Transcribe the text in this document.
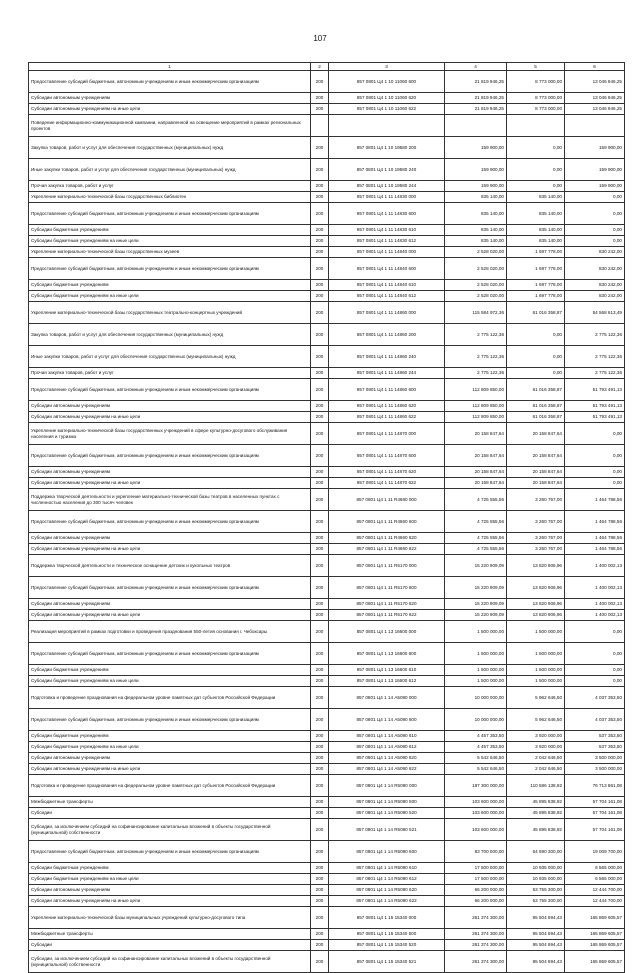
107
1	2	3	4	5	6
Предоставление субсидий бюджетным, автономным учреждениям и иным некоммерческим организациям	200	857 0801 Ц4 1 10 11060 600	21 819 946,25	8 773 000,00	13 046 946,25
Субсидии автономным учреждениям	200	857 0801 Ц4 1 10 11060 620	21 819 946,25	8 773 000,00	13 046 946,25
Субсидии автономным учреждениям на иные цели	200	857 0801 Ц4 1 10 11060 622	21 819 946,25	8 773 000,00	13 046 946,25
Поведение информационно-коммуникационной кампании, направленной на освещение мероприятий в рамках региональных проектов					
Закупка товаров, работ и услуг для обеспечения государственных (муниципальных) нужд	200	857 0801 Ц4 1 10 19580 200	159 900,00	0,00	159 900,00
Иные закупки товаров, работ и услуг для обеспечения государственных (муниципальных) нужд	200	857 0801 Ц4 1 10 19580 240	159 900,00	0,00	159 900,00
Прочая закупка товаров, работ и услуг	200	857 0801 Ц4 1 10 19580 244	159 900,00	0,00	159 900,00
Укрепление материально-технической базы государственных библиотек	200	857 0801 Ц4 1 11 14830 000	835 140,00	835 140,00	0,00
Предоставление субсидий бюджетным, автономным учреждениям и иным некоммерческим организациям	200	857 0801 Ц4 1 11 14830 600	835 140,00	835 140,00	0,00
Субсидии бюджетным учреждениям	200	857 0801 Ц4 1 11 14830 610	835 140,00	835 140,00	0,00
Субсидии бюджетным учреждениям на иные цели	200	857 0801 Ц4 1 11 14830 612	835 140,00	835 140,00	0,00
Укрепление материально-технической базы государственных музеев	200	857 0801 Ц4 1 11 14840 000	2 528 020,00	1 697 778,00	830 242,00
Предоставление субсидий бюджетным, автономным учреждениям и иным некоммерческим организациям	200	857 0801 Ц4 1 11 14840 600	2 528 020,00	1 697 778,00	830 242,00
Субсидии бюджетным учреждениям	200	857 0801 Ц4 1 11 14840 610	2 528 020,00	1 697 778,00	830 242,00
Субсидии бюджетным учреждениям на иные цели	200	857 0801 Ц4 1 11 14840 612	2 528 020,00	1 697 778,00	830 242,00
Укрепление материально-технической базы государственных театрально-концертных учреждений	200	857 0801 Ц4 1 11 14860 000	115 584 972,36	61 016 358,87	54 568 613,49
Закупка товаров, работ и услуг для обеспечения государственных (муниципальных) нужд	200	857 0801 Ц4 1 11 14860 200	2 775 122,36	0,00	2 775 122,36
Иные закупки товаров, работ и услуг для обеспечения государственных (муниципальных) нужд	200	857 0801 Ц4 1 11 14860 240	2 775 122,36	0,00	2 775 122,36
Прочая закупка товаров, работ и услуг	200	857 0801 Ц4 1 11 14860 244	2 775 122,36	0,00	2 775 122,36
Предоставление субсидий бюджетным, автономным учреждениям и иным некоммерческим организациям	200	857 0801 Ц4 1 11 14860 600	112 809 850,00	61 016 358,87	51 793 491,13
Субсидии автономным учреждениям	200	857 0801 Ц4 1 11 14860 620	112 809 850,00	61 016 358,87	51 793 491,13
Субсидии автономным учреждениям на иные цели	200	857 0801 Ц4 1 11 14860 622	112 809 850,00	61 016 358,87	51 793 491,13
Укрепление материально-технической базы государственных учреждений в сфере культурно-досугового обслуживания населения и туризма	200	857 0801 Ц4 1 11 14870 000	20 158 847,64	20 158 847,64	0,00
Предоставление субсидий бюджетным, автономным учреждениям и иным некоммерческим организациям	200	857 0801 Ц4 1 11 14870 600	20 158 847,64	20 158 847,64	0,00
Субсидии автономным учреждениям	200	857 0801 Ц4 1 11 14870 620	20 158 847,64	20 158 847,64	0,00
Субсидии автономным учреждениям на иные цели	200	857 0801 Ц4 1 11 14870 622	20 158 847,64	20 158 847,64	0,00
Поддержка творческой деятельности и укрепление материально-технической базы театров в населенных пунктах с численностью населения до 300 тысяч человек	200	857 0801 Ц4 1 11 R4660 000	4 725 555,56	3 260 767,00	1 464 788,56
Предоставление субсидий бюджетным, автономным учреждениям и иным некоммерческим организациям	200	857 0801 Ц4 1 11 R4660 600	4 725 555,56	3 260 767,00	1 464 788,56
Субсидии автономным учреждениям	200	857 0801 Ц4 1 11 R4660 620	4 725 555,56	3 260 767,00	1 464 788,56
Субсидии автономным учреждениям на иные цели	200	857 0801 Ц4 1 11 R4660 622	4 725 555,56	3 260 767,00	1 464 788,56
Поддержка творческой деятельности и техническое оснащение детских и кукольных театров	200	857 0801 Ц4 1 11 R5170 000	15 220 909,09	13 820 906,96	1 400 002,13
Предоставление субсидий бюджетным, автономным учреждениям и иным некоммерческим организациям	200	857 0801 Ц4 1 11 R5170 600	15 220 909,09	13 820 906,96	1 400 002,13
Субсидии автономным учреждениям	200	857 0801 Ц4 1 11 R5170 620	15 220 909,09	13 820 906,96	1 400 002,13
Субсидии автономным учреждениям на иные цели	200	857 0801 Ц4 1 11 R5170 622	15 220 909,09	13 820 906,96	1 400 002,13
Реализация мероприятий в рамках подготовки и проведения празднования 550-летия основания г. Чебоксары	200	857 0801 Ц4 1 13 16600 000	1 500 000,00	1 500 000,00	0,00
Предоставление субсидий бюджетным, автономным учреждениям и иным некоммерческим организациям	200	857 0801 Ц4 1 13 16600 600	1 500 000,00	1 500 000,00	0,00
Субсидии бюджетным учреждениям	200	857 0801 Ц4 1 13 16600 610	1 500 000,00	1 500 000,00	0,00
Субсидии бюджетным учреждениям на иные цели	200	857 0801 Ц4 1 13 16600 612	1 500 000,00	1 500 000,00	0,00
Подготовка и проведение празднования на федеральном уровне памятных дат субъектов Российской Федерации	200	857 0801 Ц4 1 14 A5090 000	10 000 000,00	5 962 646,50	4 037 353,50
Предоставление субсидий бюджетным, автономным учреждениям и иным некоммерческим организациям	200	857 0801 Ц4 1 14 A5090 600	10 000 000,00	5 962 646,50	4 037 353,50
Субсидии бюджетным учреждениям	200	857 0801 Ц4 1 14 A5090 610	4 457 353,50	3 920 000,00	537 353,50
Субсидии бюджетным учреждениям на иные цели	200	857 0801 Ц4 1 14 A5090 612	4 457 353,50	3 920 000,00	537 353,50
Субсидии автономным учреждениям	200	857 0801 Ц4 1 14 A5090 620	5 542 646,50	2 042 646,50	3 500 000,00
Субсидии автономным учреждениям на иные цели	200	857 0801 Ц4 1 14 A5090 622	5 542 646,50	2 042 646,50	3 500 000,00
Подготовка и проведение празднования на федеральном уровне памятных дат субъектов Российской Федерации	200	857 0801 Ц4 1 14 R5090 000	187 300 000,00	110 586 138,92	76 713 861,08
Межбюджетные трансферты	200	857 0801 Ц4 1 14 R5090 500	103 600 000,00	45 895 838,92	57 704 161,08
Субсидии	200	857 0801 Ц4 1 14 R5090 520	103 600 000,00	45 895 838,92	57 704 161,08
Субсидии, за исключением субсидий на софинансирование капитальных вложений в объекты государственной (муниципальной) собственности	200	857 0801 Ц4 1 14 R5090 521	103 600 000,00	45 895 838,92	57 704 161,08
Предоставление субсидий бюджетным, автономным учреждениям и иным некоммерческим организациям	200	857 0801 Ц4 1 14 R5090 600	83 700 000,00	64 690 300,00	19 009 700,00
Субсидии бюджетным учреждениям	200	857 0801 Ц4 1 14 R5090 610	17 500 000,00	10 935 000,00	6 565 000,00
Субсидии бюджетным учреждениям на иные цели	200	857 0801 Ц4 1 14 R5090 612	17 500 000,00	10 935 000,00	6 565 000,00
Субсидии автономным учреждениям	200	857 0801 Ц4 1 14 R5090 620	66 200 000,00	53 755 300,00	12 444 700,00
Субсидии автономным учреждениям на иные цели	200	857 0801 Ц4 1 14 R5090 622	66 200 000,00	53 755 300,00	12 444 700,00
Укрепление материально-технической базы муниципальных учреждений культурно-досугового типа	200	857 0801 Ц4 1 15 15340 000	261 374 300,00	95 504 694,43	165 869 605,57
Межбюджетные трансферты	200	857 0801 Ц4 1 15 15340 500	261 374 300,00	95 504 694,43	165 869 605,57
Субсидии	200	857 0801 Ц4 1 15 15340 520	261 374 300,00	95 504 694,43	165 869 605,57
Субсидии, за исключением субсидий на софинансирование капитальных вложений в объекты государственной (муниципальной) собственности	200	857 0801 Ц4 1 15 15340 521	261 374 300,00	95 504 694,43	165 869 605,57
